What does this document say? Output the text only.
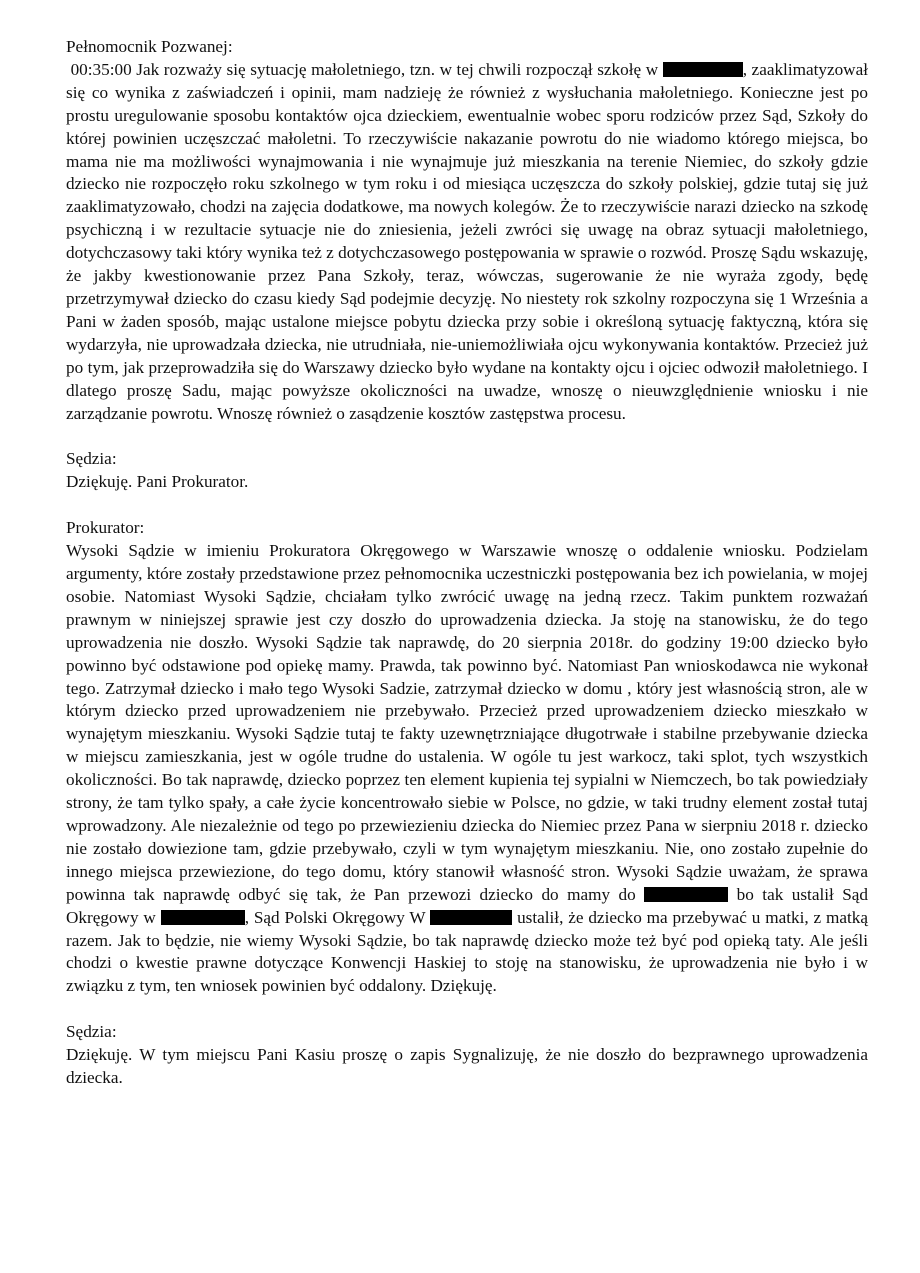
Pełnomocnik Pozwanej:

00:35:00 Jak rozważy się sytuację małoletniego, tzn. w tej chwili rozpoczął szkołę w	, zaaklimatyzował się co wynika z zaświadczeń i opinii, mam nadzieję że również z wysłuchania małoletniego. Konieczne jest po prostu uregulowanie sposobu kontaktów ojca dzieckiem, ewentualnie wobec sporu rodziców przez Sąd, Szkoły do której powinien uczęszczać małoletni. To rzeczywiście nakazanie powrotu do nie wiadomo którego miejsca, bo mama nie ma możliwości wynajmowania i nie wynajmuje już mieszkania na terenie Niemiec, do szkoły gdzie dziecko nie rozpoczęło roku szkolnego w tym roku i od miesiąca uczęszcza do szkoły polskiej, gdzie tutaj się już zaaklimatyzowało, chodzi na zajęcia dodatkowe, ma nowych kolegów. Że to rzeczywiście narazi dziecko na szkodę psychiczną i w rezultacie sytuacje nie do zniesienia, jeżeli zwróci się uwagę na obraz sytuacji małoletniego, dotychczasowy taki który wynika też z dotychczasowego postępowania w sprawie o rozwód. Proszę Sądu wskazuję, że jakby kwestionowanie przez Pana Szkoły, teraz, wówczas, sugerowanie że nie wyraża zgody, będę przetrzymywał dziecko do czasu kiedy Sąd podejmie decyzję. No niestety rok szkolny rozpoczyna się 1 Września a Pani w żaden sposób, mając ustalone miejsce pobytu dziecka przy sobie i określoną sytuację faktyczną, która się wydarzyła, nie uprowadzała dziecka, nie utrudniała, nie-uniemożliwiała ojcu wykonywania kontaktów. Przecież już po tym, jak przeprowadziła się do Warszawy dziecko było wydane na kontakty ojcu i ojciec odwoził małoletniego. I dlatego proszę Sadu, mając powyższe okoliczności na uwadze, wnoszę o nieuwzględnienie wniosku i nie zarządzanie powrotu. Wnoszę również o zasądzenie kosztów zastępstwa procesu.

Sędzia:

Dziękuję. Pani Prokurator.

Prokurator:

Wysoki Sądzie w imieniu Prokuratora Okręgowego w Warszawie wnoszę o oddalenie wniosku. Podzielam argumenty, które zostały przedstawione przez pełnomocnika uczestniczki postępowania bez ich powielania, w mojej osobie. Natomiast Wysoki Sądzie, chciałam tylko zwrócić uwagę na jedną rzecz. Takim punktem rozważań prawnym w niniejszej sprawie jest czy doszło do uprowadzenia dziecka. Ja stoję na stanowisku, że do tego uprowadzenia nie doszło. Wysoki Sądzie tak naprawdę, do 20 sierpnia 2018r. do godziny 19:00 dziecko było powinno być odstawione pod opiekę mamy. Prawda, tak powinno być. Natomiast Pan wnioskodawca nie wykonał tego. Zatrzymał dziecko i mało tego Wysoki Sadzie, zatrzymał dziecko w domu , który jest własnością stron, ale w którym dziecko przed uprowadzeniem nie przebywało. Przecież przed uprowadzeniem dziecko mieszkało w wynajętym mieszkaniu. Wysoki Sądzie tutaj te fakty uzewnętrzniające długotrwałe i stabilne przebywanie dziecka w miejscu zamieszkania, jest w ogóle trudne do ustalenia. W ogóle tu jest warkocz, taki splot, tych wszystkich okoliczności. Bo tak naprawdę, dziecko poprzez ten element kupienia tej sypialni w Niemczech, bo tak powiedziały strony, że tam tylko spały, a całe życie koncentrowało siebie w Polsce, no gdzie, w taki trudny element został tutaj wprowadzony. Ale niezależnie od tego po przewiezieniu dziecka do Niemiec przez Pana w sierpniu 2018 r. dziecko nie zostało dowiezione tam, gdzie przebywało, czyli w tym wynajętym mieszkaniu. Nie, ono zostało zupełnie do innego miejsca przewiezione, do tego domu, który stanowił własność stron. Wysoki Sądzie uważam, że sprawa powinna tak naprawdę odbyć się tak, że Pan przewozi dziecko do mamy do	bo tak ustalił Sąd Okręgowy w	, Sąd Polski Okręgowy W	ustalił, że dziecko ma przebywać u matki, z matką razem. Jak to będzie, nie wiemy Wysoki Sądzie, bo tak naprawdę dziecko może też być pod opieką taty. Ale jeśli chodzi o kwestie prawne dotyczące Konwencji Haskiej to stoję na stanowisku, że uprowadzenia nie było i w związku z tym, ten wniosek powinien być oddalony. Dziękuję.

Sędzia:

Dziękuję. W tym miejscu Pani Kasiu proszę o zapis Sygnalizuję, że nie doszło do bezprawnego uprowadzenia dziecka.
